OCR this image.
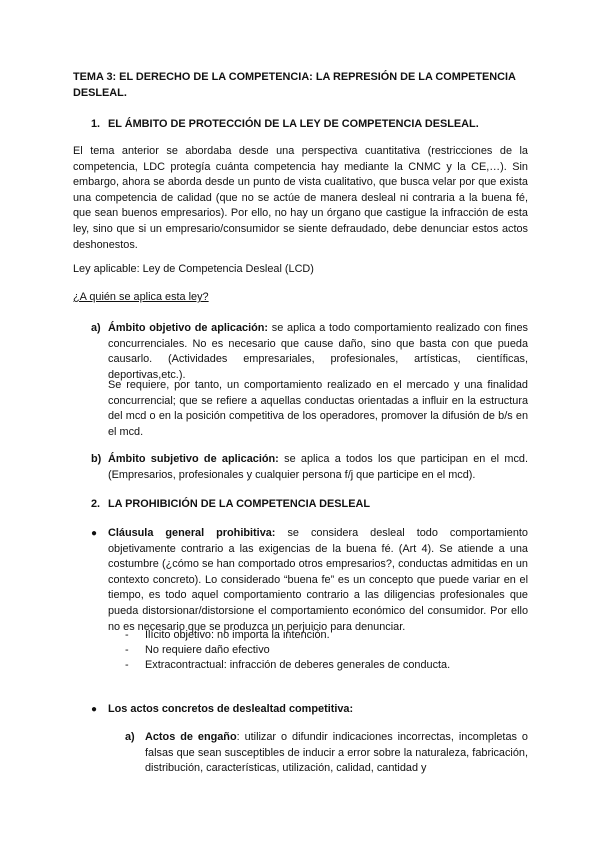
TEMA 3: EL DERECHO DE LA COMPETENCIA: LA REPRESIÓN DE LA COMPETENCIA DESLEAL.

1. EL ÁMBITO DE PROTECCIÓN DE LA LEY DE COMPETENCIA DESLEAL.

El tema anterior se abordaba desde una perspectiva cuantitativa (restricciones de la competencia, LDC protegía cuánta competencia hay mediante la CNMC y la CE,…). Sin embargo, ahora se aborda desde un punto de vista cualitativo, que busca velar por que exista una competencia de calidad (que no se actúe de manera desleal ni contraria a la buena fé, que sean buenos empresarios). Por ello, no hay un órgano que castigue la infracción de esta ley, sino que si un empresario/consumidor se siente defraudado, debe denunciar estos actos deshonestos.

Ley aplicable: Ley de Competencia Desleal (LCD)

¿A quién se aplica esta ley?

a) Ámbito objetivo de aplicación: se aplica a todo comportamiento realizado con fines concurrenciales. No es necesario que cause daño, sino que basta con que pueda causarlo. (Actividades empresariales, profesionales, artísticas, científicas, deportivas,etc.).

Se requiere, por tanto, un comportamiento realizado en el mercado y una finalidad concurrencial; que se refiere a aquellas conductas orientadas a influir en la estructura del mcd o en la posición competitiva de los operadores, promover la difusión de b/s en el mcd.

b) Ámbito subjetivo de aplicación: se aplica a todos los que participan en el mcd. (Empresarios, profesionales y cualquier persona f/j que participe en el mcd).

2. LA PROHIBICIÓN DE LA COMPETENCIA DESLEAL

● Cláusula general prohibitiva: se considera desleal todo comportamiento objetivamente contrario a las exigencias de la buena fé. (Art 4). Se atiende a una costumbre (¿cómo se han comportado otros empresarios?, conductas admitidas en un contexto concreto). Lo considerado “buena fe” es un concepto que puede variar en el tiempo, es todo aquel comportamiento contrario a las diligencias profesionales que pueda distorsionar/distorsione el comportamiento económico del consumidor. Por ello no es necesario que se produzca un perjuicio para denunciar.

- Ilícito objetivo: no importa la intención.

- No requiere daño efectivo

- Extracontractual: infracción de deberes generales de conducta.

● Los actos concretos de deslealtad competitiva:

a) Actos de engaño: utilizar o difundir indicaciones incorrectas, incompletas o falsas que sean susceptibles de inducir a error sobre la naturaleza, fabricación, distribución, características, utilización, calidad, cantidad y
